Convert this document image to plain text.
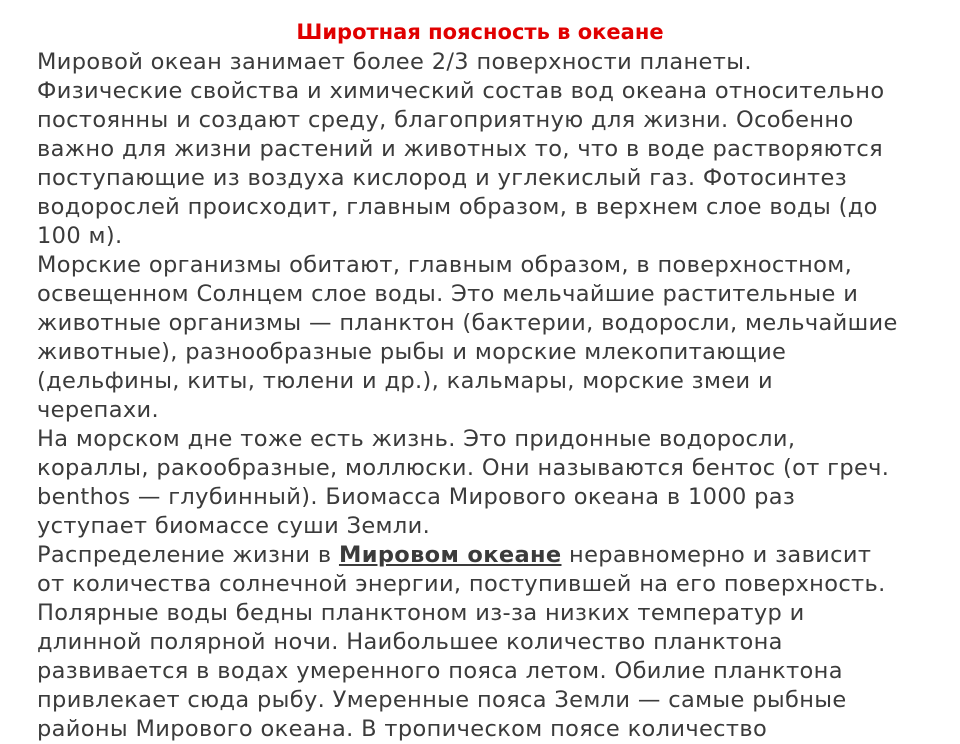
Широтная поясность в океане

Мировой океан занимает более 2/3 поверхности планеты.

Физические свойства и химический состав вод океана относительно
постоянны и создают среду, благоприятную для жизни. Особенно
важно для жизни растений и животных то, что в воде растворяются
поступающие из воздуха кислород и углекислый газ. Фотосинтез
водорослей происходит, главным образом, в верхнем слое воды (до
100 м).

Морские организмы обитают, главным образом, в поверхностном,
освещенном Солнцем слое воды. Это мельчайшие растительные и
животные организмы — планктон (бактерии, водоросли, мельчайшие
животные), разнообразные рыбы и морские млекопитающие
(дельфины, киты, тюлени и др.), кальмары, морские змеи и
черепахи.

На морском дне тоже есть жизнь. Это придонные водоросли,
кораллы, ракообразные, моллюски. Они называются бентос (от греч.
benthos — глубинный). Биомасса Мирового океана в 1000 раз
уступает биомассе суши Земли.

Распределение жизни в Мировом океане неравномерно и зависит
от количества солнечной энергии, поступившей на его поверхность.
Полярные воды бедны планктоном из-за низких температур и
длинной полярной ночи. Наибольшее количество планктона
развивается в водах умеренного пояса летом. Обилие планктона
привлекает сюда рыбу. Умеренные пояса Земли — самые рыбные
районы Мирового океана. В тропическом поясе количество
